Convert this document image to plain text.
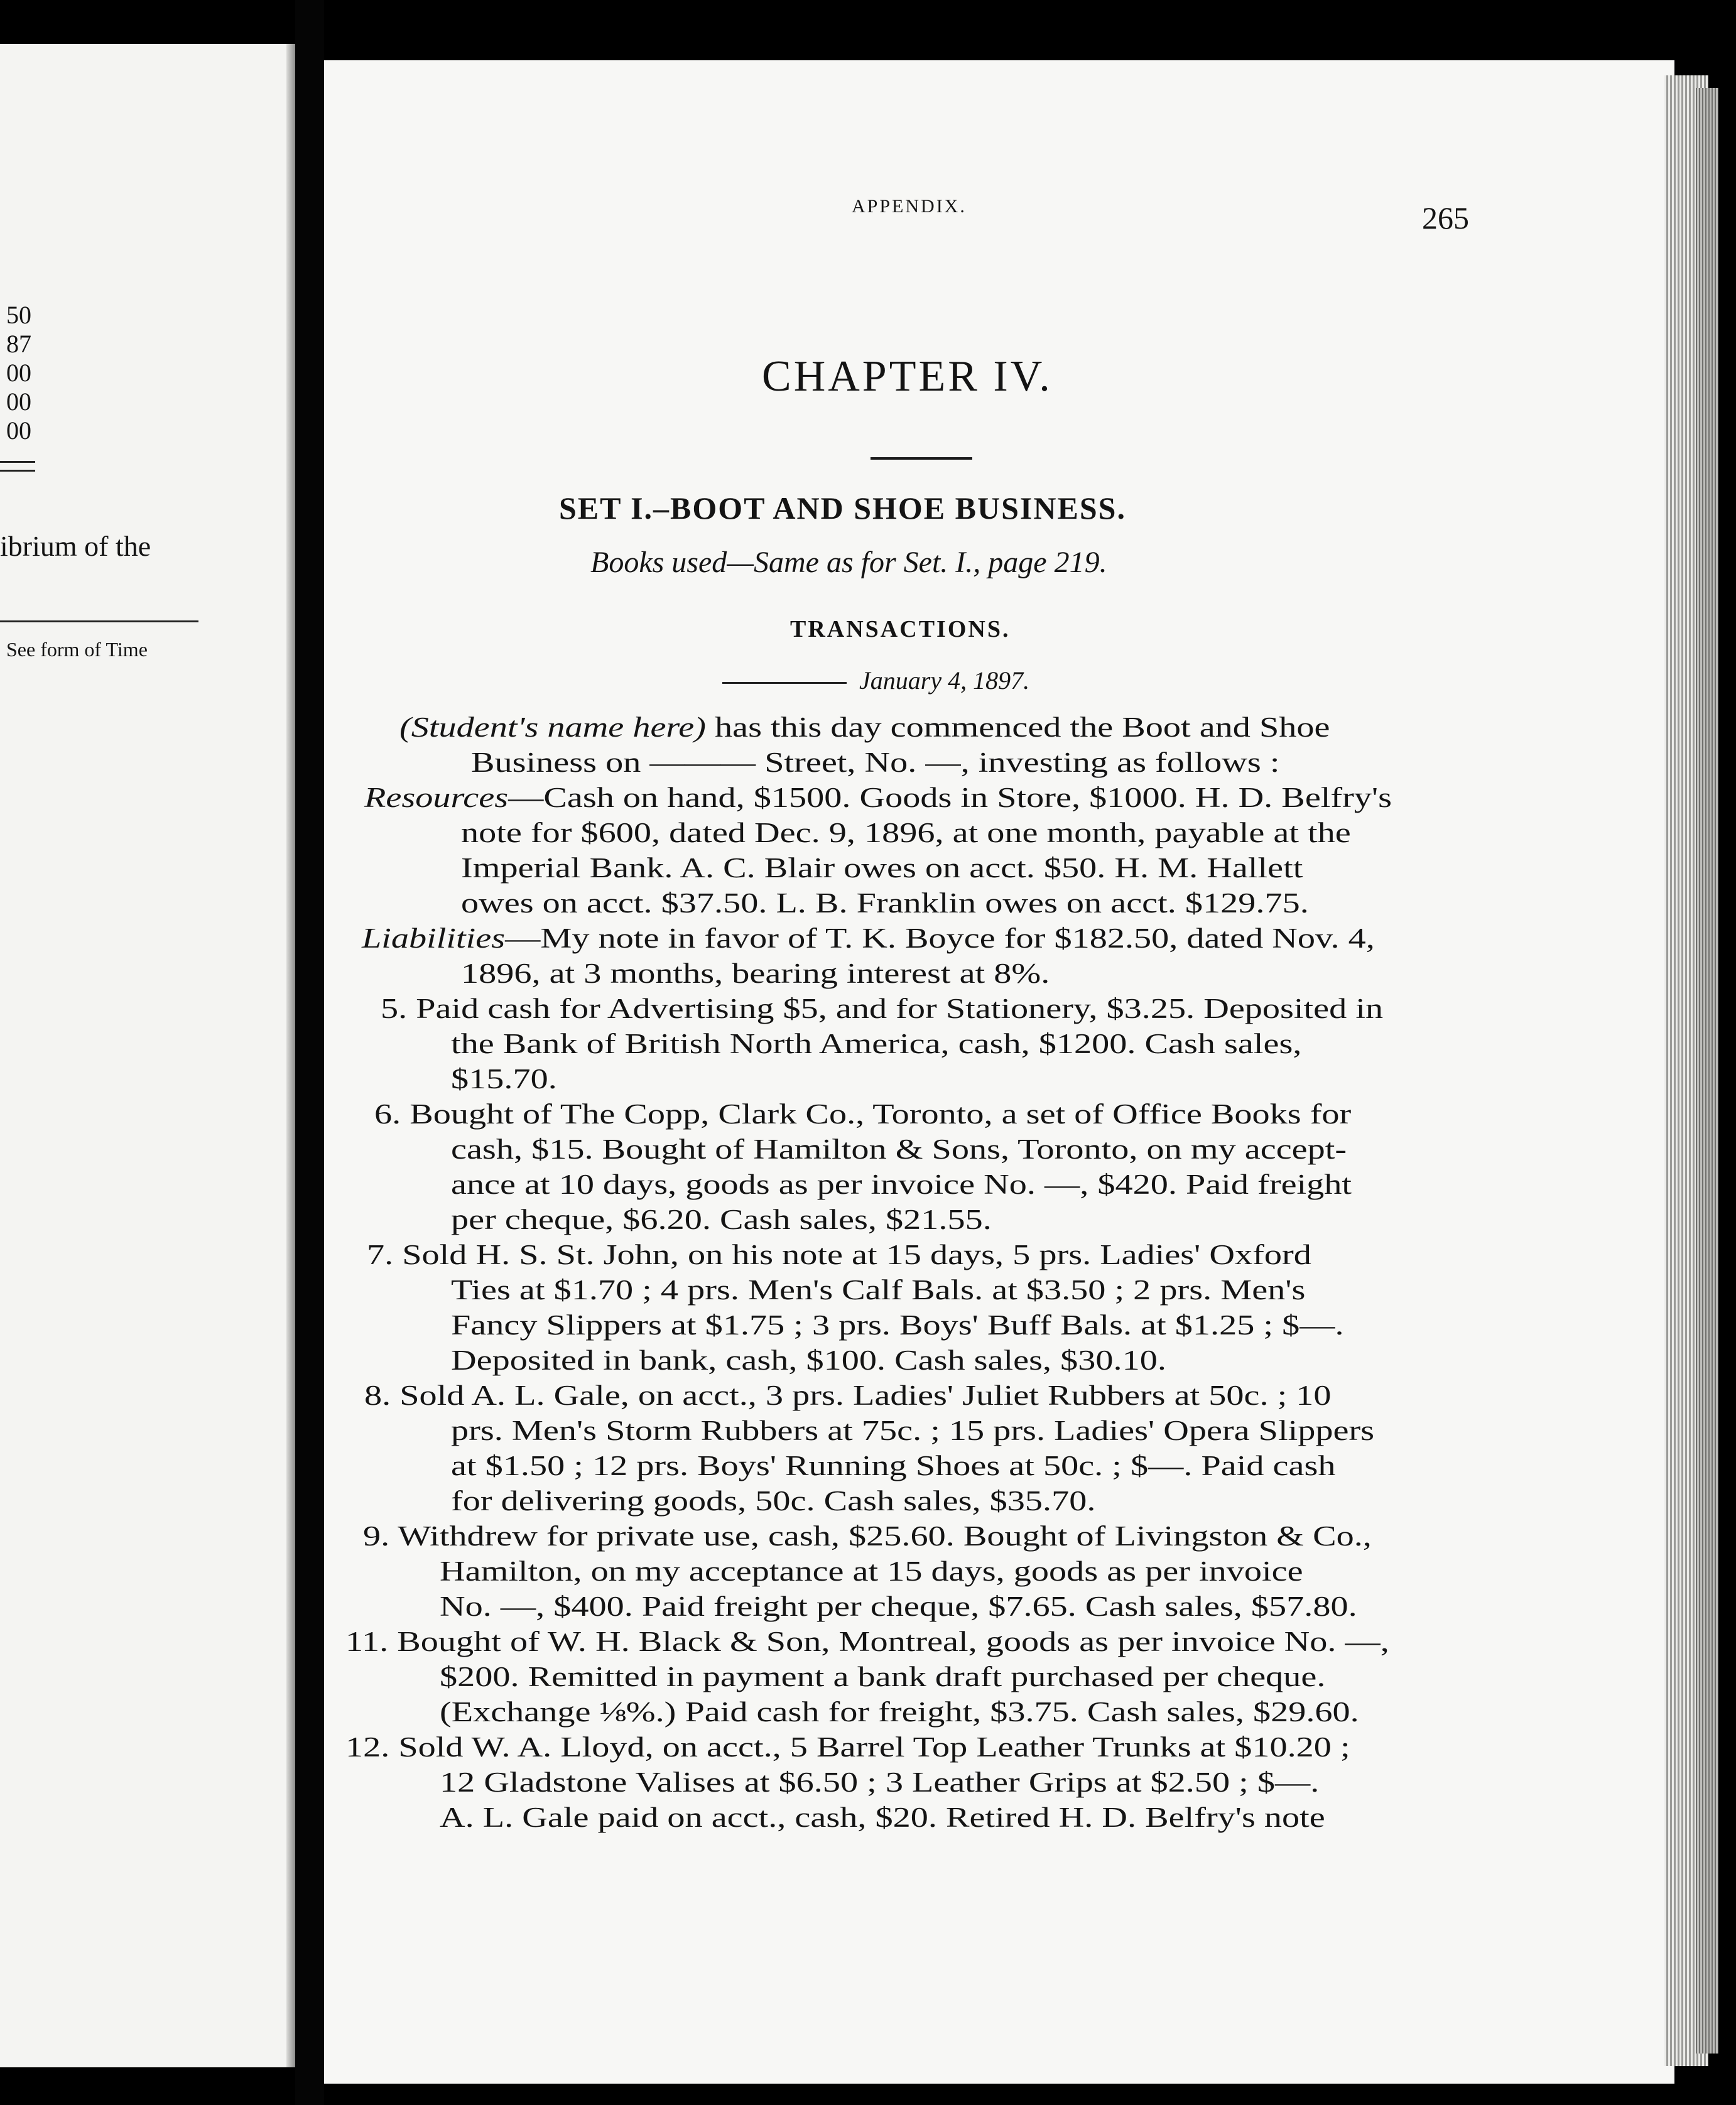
50
87
00
00
00
ibrium of the
See form of Time
APPENDIX.	265
CHAPTER IV.
SET I.–BOOT AND SHOE BUSINESS.
Books used—Same as for Set. I., page 219.
TRANSACTIONS.
January 4, 1897.
(Student's name here) has this day commenced the Boot and Shoe
Business on ——— Street, No. —, investing as follows :
Resources—Cash on hand, $1500. Goods in Store, $1000. H. D. Belfry's
note for $600, dated Dec. 9, 1896, at one month, payable at the
Imperial Bank. A. C. Blair owes on acct. $50. H. M. Hallett
owes on acct. $37.50. L. B. Franklin owes on acct. $129.75.
Liabilities—My note in favor of T. K. Boyce for $182.50, dated Nov. 4,
1896, at 3 months, bearing interest at 8%.
5. Paid cash for Advertising $5, and for Stationery, $3.25. Deposited in
the Bank of British North America, cash, $1200. Cash sales,
$15.70.
6. Bought of The Copp, Clark Co., Toronto, a set of Office Books for
cash, $15. Bought of Hamilton & Sons, Toronto, on my accept-
ance at 10 days, goods as per invoice No. —, $420. Paid freight
per cheque, $6.20. Cash sales, $21.55.
7. Sold H. S. St. John, on his note at 15 days, 5 prs. Ladies' Oxford
Ties at $1.70 ; 4 prs. Men's Calf Bals. at $3.50 ; 2 prs. Men's
Fancy Slippers at $1.75 ; 3 prs. Boys' Buff Bals. at $1.25 ; $—.
Deposited in bank, cash, $100. Cash sales, $30.10.
8. Sold A. L. Gale, on acct., 3 prs. Ladies' Juliet Rubbers at 50c. ; 10
prs. Men's Storm Rubbers at 75c. ; 15 prs. Ladies' Opera Slippers
at $1.50 ; 12 prs. Boys' Running Shoes at 50c. ; $—. Paid cash
for delivering goods, 50c. Cash sales, $35.70.
9. Withdrew for private use, cash, $25.60. Bought of Livingston & Co.,
Hamilton, on my acceptance at 15 days, goods as per invoice
No. —, $400. Paid freight per cheque, $7.65. Cash sales, $57.80.
11. Bought of W. H. Black & Son, Montreal, goods as per invoice No. —,
$200. Remitted in payment a bank draft purchased per cheque.
(Exchange ⅛%.) Paid cash for freight, $3.75. Cash sales, $29.60.
12. Sold W. A. Lloyd, on acct., 5 Barrel Top Leather Trunks at $10.20 ;
12 Gladstone Valises at $6.50 ; 3 Leather Grips at $2.50 ; $—.
A. L. Gale paid on acct., cash, $20. Retired H. D. Belfry's note
